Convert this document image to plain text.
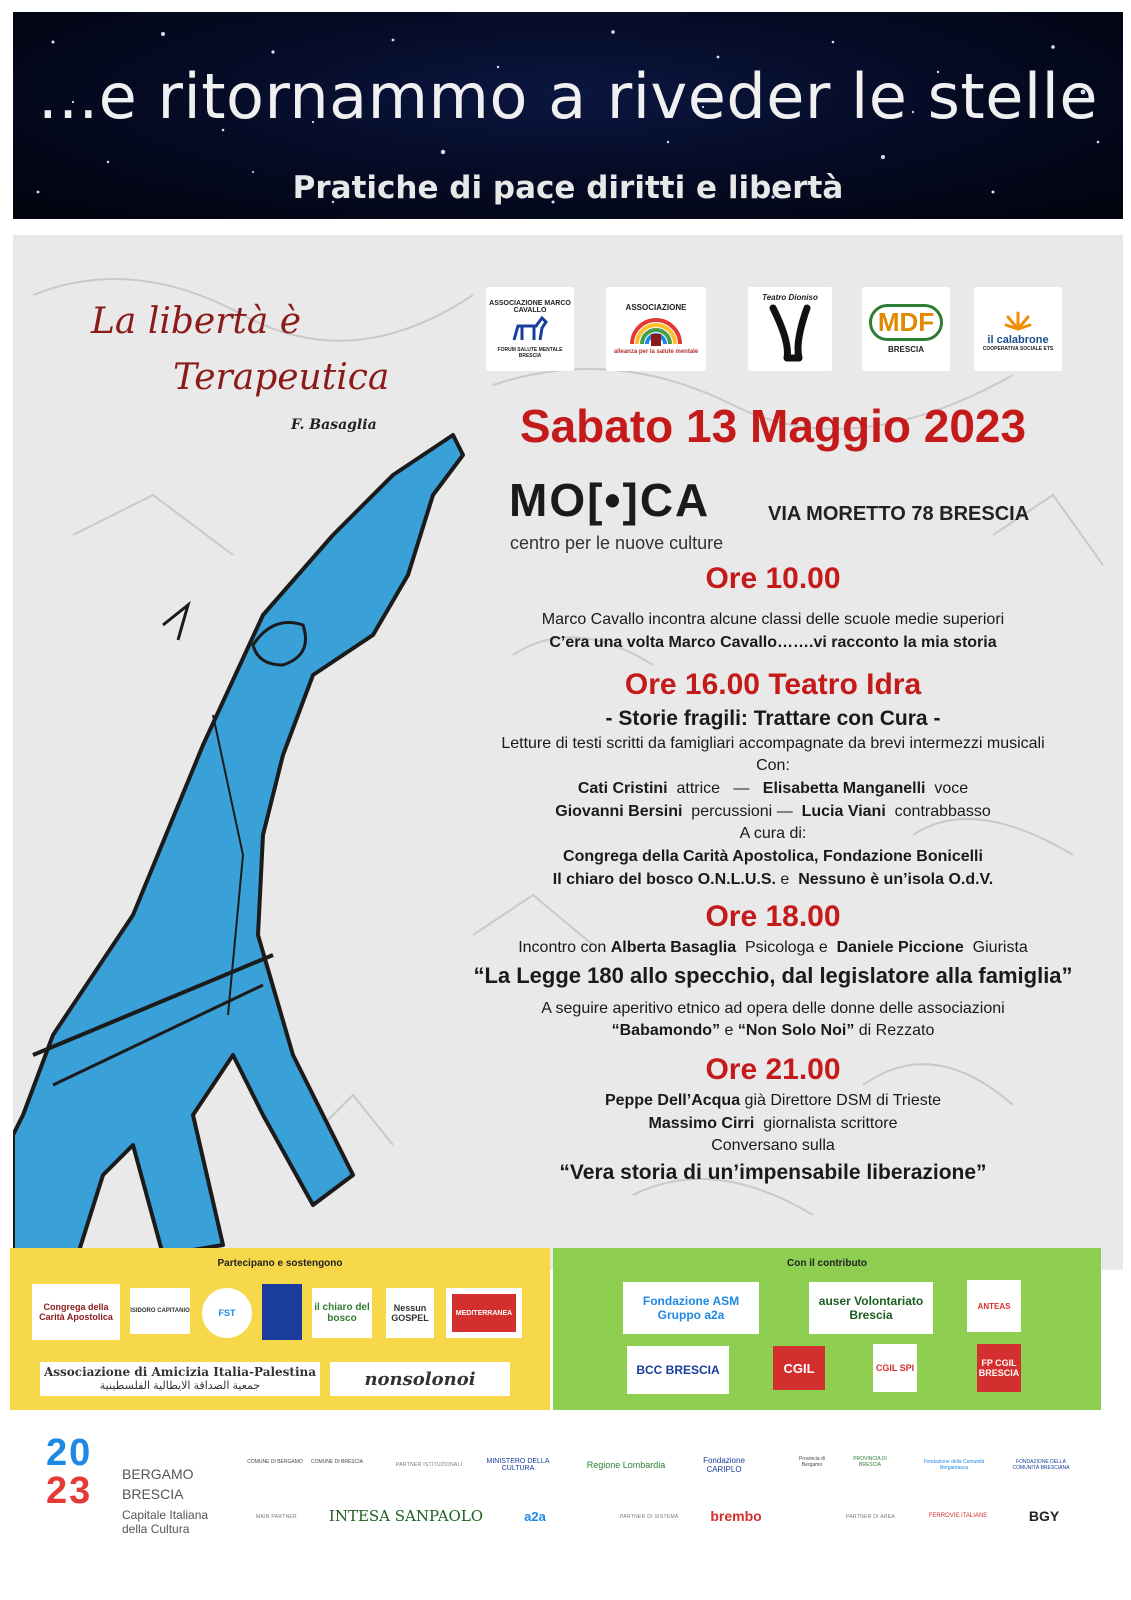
...e ritornammo a riveder le stelle
Pratiche di pace diritti e libertà
La libertà è
Terapeutica
F. Basaglia
ASSOCIAZIONE MARCO CAVALLO
FORUM SALUTE MENTALE BRESCIA
ASSOCIAZIONE
alleanza per la salute mentale
Teatro Dioniso
MDF
BRESCIA
il calabrone
COOPERATIVA SOCIALE ETS
Sabato 13 Maggio 2023
MO[•]CA
centro per le nuove culture
VIA MORETTO 78 BRESCIA
Ore 10.00
Marco Cavallo incontra alcune classi delle scuole medie superiori
C’era una volta Marco Cavallo…….vi racconto la mia storia
Ore 16.00 Teatro Idra
- Storie fragili: Trattare con Cura -
Letture di testi scritti da famigliari accompagnate da brevi intermezzi musicali
Con:
Cati Cristini attrice — Elisabetta Manganelli voce
Giovanni Bersini percussioni — Lucia Viani contrabbasso
A cura di:
Congrega della Carità Apostolica, Fondazione Bonicelli
Il chiaro del bosco O.N.L.U.S. e Nessuno è un’isola O.d.V.
Ore 18.00
Incontro con Alberta Basaglia Psicologa e Daniele Piccione Giurista
“La Legge 180 allo specchio, dal legislatore alla famiglia”
A seguire aperitivo etnico ad opera delle donne delle associazioni
“Babamondo” e “Non Solo Noi” di Rezzato
Ore 21.00
Peppe Dell’Acqua già Direttore DSM di Trieste
Massimo Cirri giornalista scrittore
Conversano sulla
“Vera storia di un’impensabile liberazione”
Partecipano e sostengono
Congrega della Carità Apostolica
ISIDORO CAPITANIO	FST	il chiaro del bosco
Nessun GOSPEL	MEDITERRANEA
Associazione di Amicizia Italia-Palestina
جمعية الصداقة الايطالية الفلسطينية	nonsolonoi
Con il contributo
Fondazione ASM Gruppo a2a
auser Volontariato Brescia
ANTEAS
BCC BRESCIA	CGIL	CGIL SPI	FP CGIL BRESCIA
20
23	BERGAMO
BRESCIA
Capitale Italiana
della Cultura
PARTNER ISTITUZIONALI
MAIN PARTNER	PARTNER DI SISTEMA	PARTNER DI AREA
COMUNE DI BERGAMO COMUNE DI BRESCIA	MINISTERO DELLA CULTURA	Regione Lombardia	Fondazione CARIPLO
Provincia di Bergamo
PROVINCIA DI BRESCIA	Fondazione della Comunità Bergamasca
FONDAZIONE DELLA COMUNITÀ BRESCIANA
INTESA SANPAOLO	a2a	brembo	FERROVIE ITALIANE	BGY
